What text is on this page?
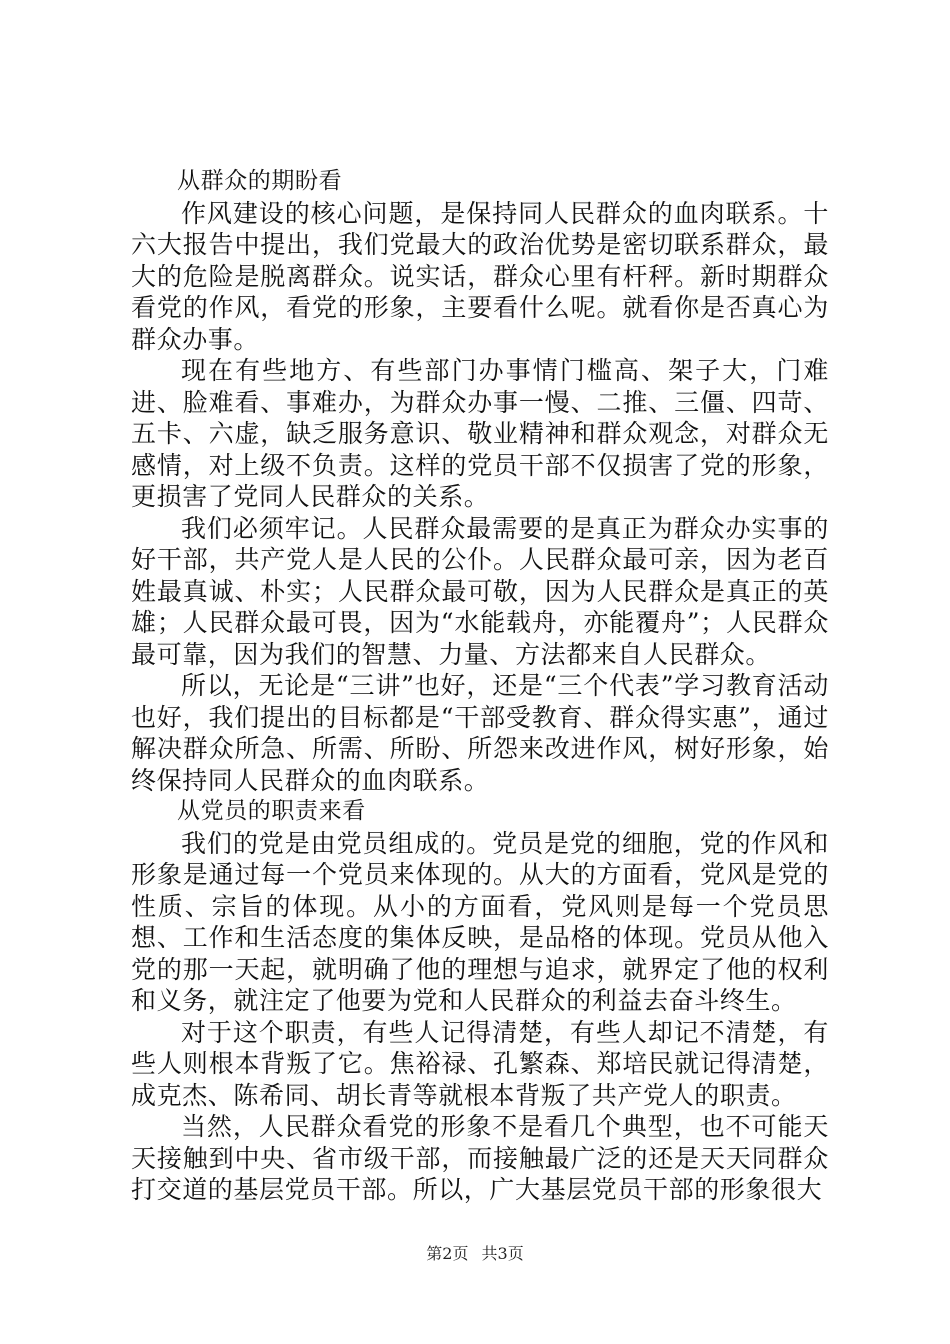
从群众的期盼看

作风建设的核心问题，是保持同人民群众的血肉联系。十六大报告中提出，我们党最大的政治优势是密切联系群众，最大的危险是脱离群众。说实话，群众心里有杆秤。新时期群众看党的作风，看党的形象，主要看什么呢。就看你是否真心为群众办事。

现在有些地方、有些部门办事情门槛高、架子大，门难进、脸难看、事难办，为群众办事一慢、二推、三僵、四苛、五卡、六虚，缺乏服务意识、敬业精神和群众观念，对群众无感情，对上级不负责。这样的党员干部不仅损害了党的形象，更损害了党同人民群众的关系。

我们必须牢记。人民群众最需要的是真正为群众办实事的好干部，共产党人是人民的公仆。人民群众最可亲，因为老百姓最真诚、朴实；人民群众最可敬，因为人民群众是真正的英雄；人民群众最可畏，因为“水能载舟，亦能覆舟”；人民群众最可靠，因为我们的智慧、力量、方法都来自人民群众。

所以，无论是“三讲”也好，还是“三个代表”学习教育活动也好，我们提出的目标都是“干部受教育、群众得实惠”，通过解决群众所急、所需、所盼、所怨来改进作风，树好形象，始终保持同人民群众的血肉联系。

从党员的职责来看

我们的党是由党员组成的。党员是党的细胞，党的作风和形象是通过每一个党员来体现的。从大的方面看，党风是党的性质、宗旨的体现。从小的方面看，党风则是每一个党员思想、工作和生活态度的集体反映，是品格的体现。党员从他入党的那一天起，就明确了他的理想与追求，就界定了他的权利和义务，就注定了他要为党和人民群众的利益去奋斗终生。

对于这个职责，有些人记得清楚，有些人却记不清楚，有些人则根本背叛了它。焦裕禄、孔繁森、郑培民就记得清楚，成克杰、陈希同、胡长青等就根本背叛了共产党人的职责。

当然，人民群众看党的形象不是看几个典型，也不可能天天接触到中央、省市级干部，而接触最广泛的还是天天同群众打交道的基层党员干部。所以，广大基层党员干部的形象很大

第2页 共3页
